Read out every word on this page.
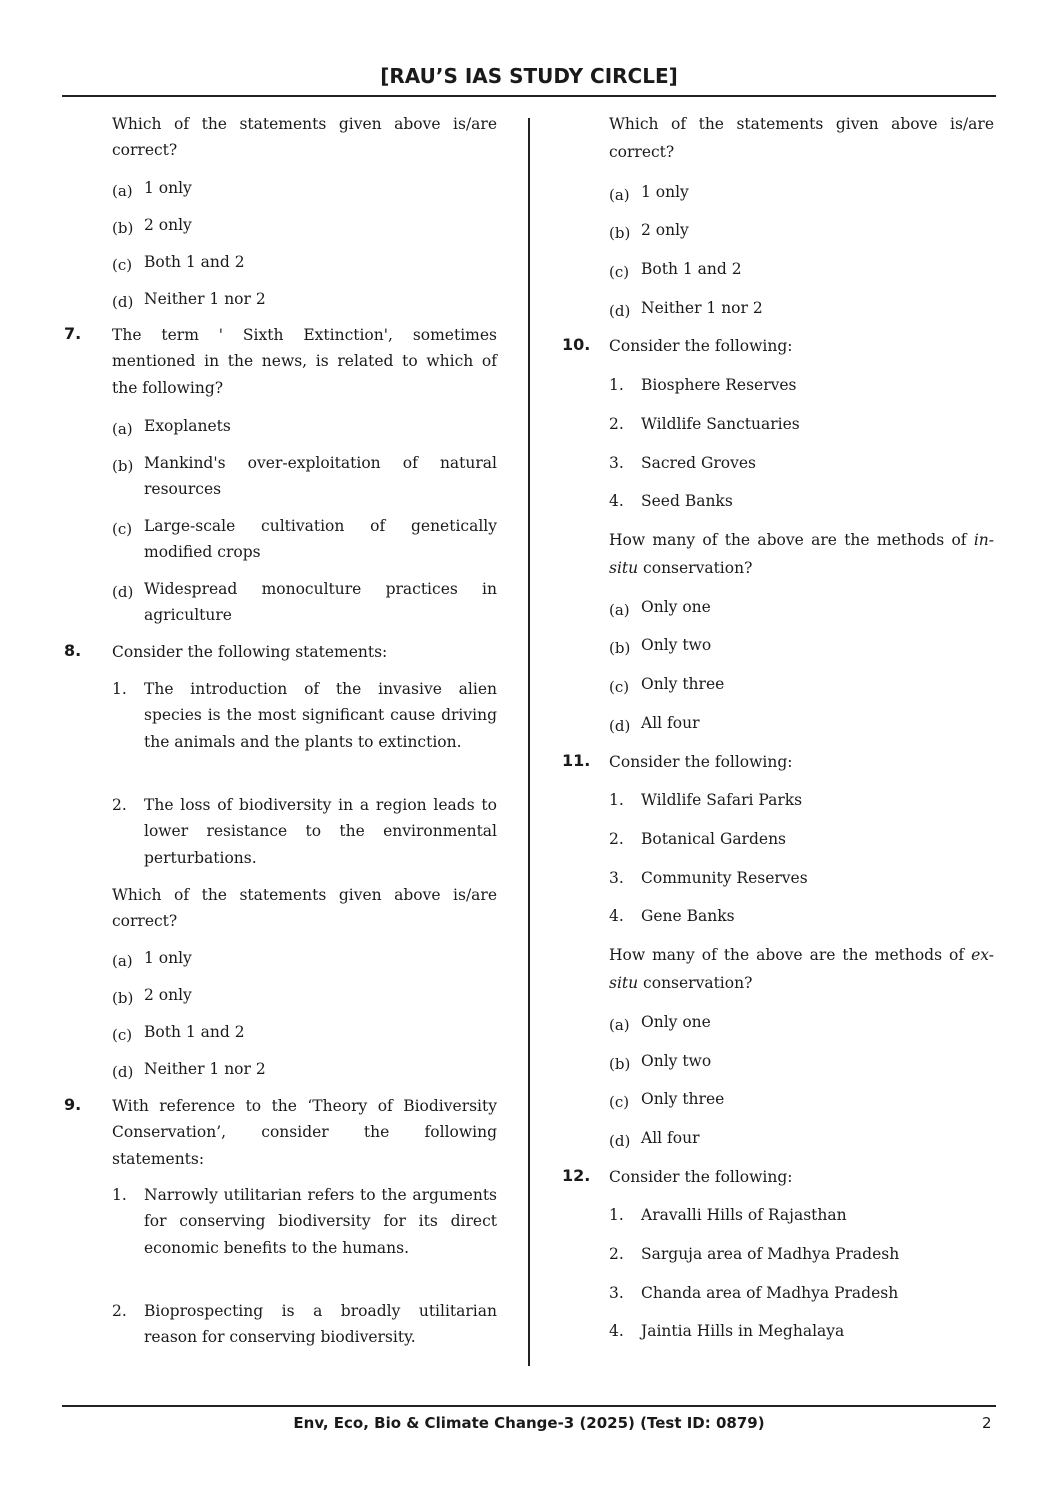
[RAU’S IAS STUDY CIRCLE]
Which of the statements given above is/are correct?
(a) 1 only
(b) 2 only
(c) Both 1 and 2
(d) Neither 1 nor 2
7. The term ' Sixth Extinction', sometimes mentioned in the news, is related to which of the following?
(a) Exoplanets
(b) Mankind's over-exploitation of natural resources
(c) Large-scale cultivation of genetically modified crops
(d) Widespread monoculture practices in agriculture
8. Consider the following statements:
1. The introduction of the invasive alien species is the most significant cause driving the animals and the plants to extinction.
2. The loss of biodiversity in a region leads to lower resistance to the environmental perturbations.
Which of the statements given above is/are correct?
(a) 1 only
(b) 2 only
(c) Both 1 and 2
(d) Neither 1 nor 2
9. With reference to the ‘Theory of Biodiversity Conservation’, consider the following statements:
1. Narrowly utilitarian refers to the arguments for conserving biodiversity for its direct economic benefits to the humans.
2. Bioprospecting is a broadly utilitarian reason for conserving biodiversity.
Which of the statements given above is/are correct?
(a) 1 only
(b) 2 only
(c) Both 1 and 2
(d) Neither 1 nor 2
10. Consider the following:
1. Biosphere Reserves
2. Wildlife Sanctuaries
3. Sacred Groves
4. Seed Banks
How many of the above are the methods of in-situ conservation?
(a) Only one
(b) Only two
(c) Only three
(d) All four
11. Consider the following:
1. Wildlife Safari Parks
2. Botanical Gardens
3. Community Reserves
4. Gene Banks
How many of the above are the methods of ex-situ conservation?
(a) Only one
(b) Only two
(c) Only three
(d) All four
12. Consider the following:
1. Aravalli Hills of Rajasthan
2. Sarguja area of Madhya Pradesh
3. Chanda area of Madhya Pradesh
4. Jaintia Hills in Meghalaya
Env, Eco, Bio & Climate Change-3 (2025) (Test ID: 0879)	2
